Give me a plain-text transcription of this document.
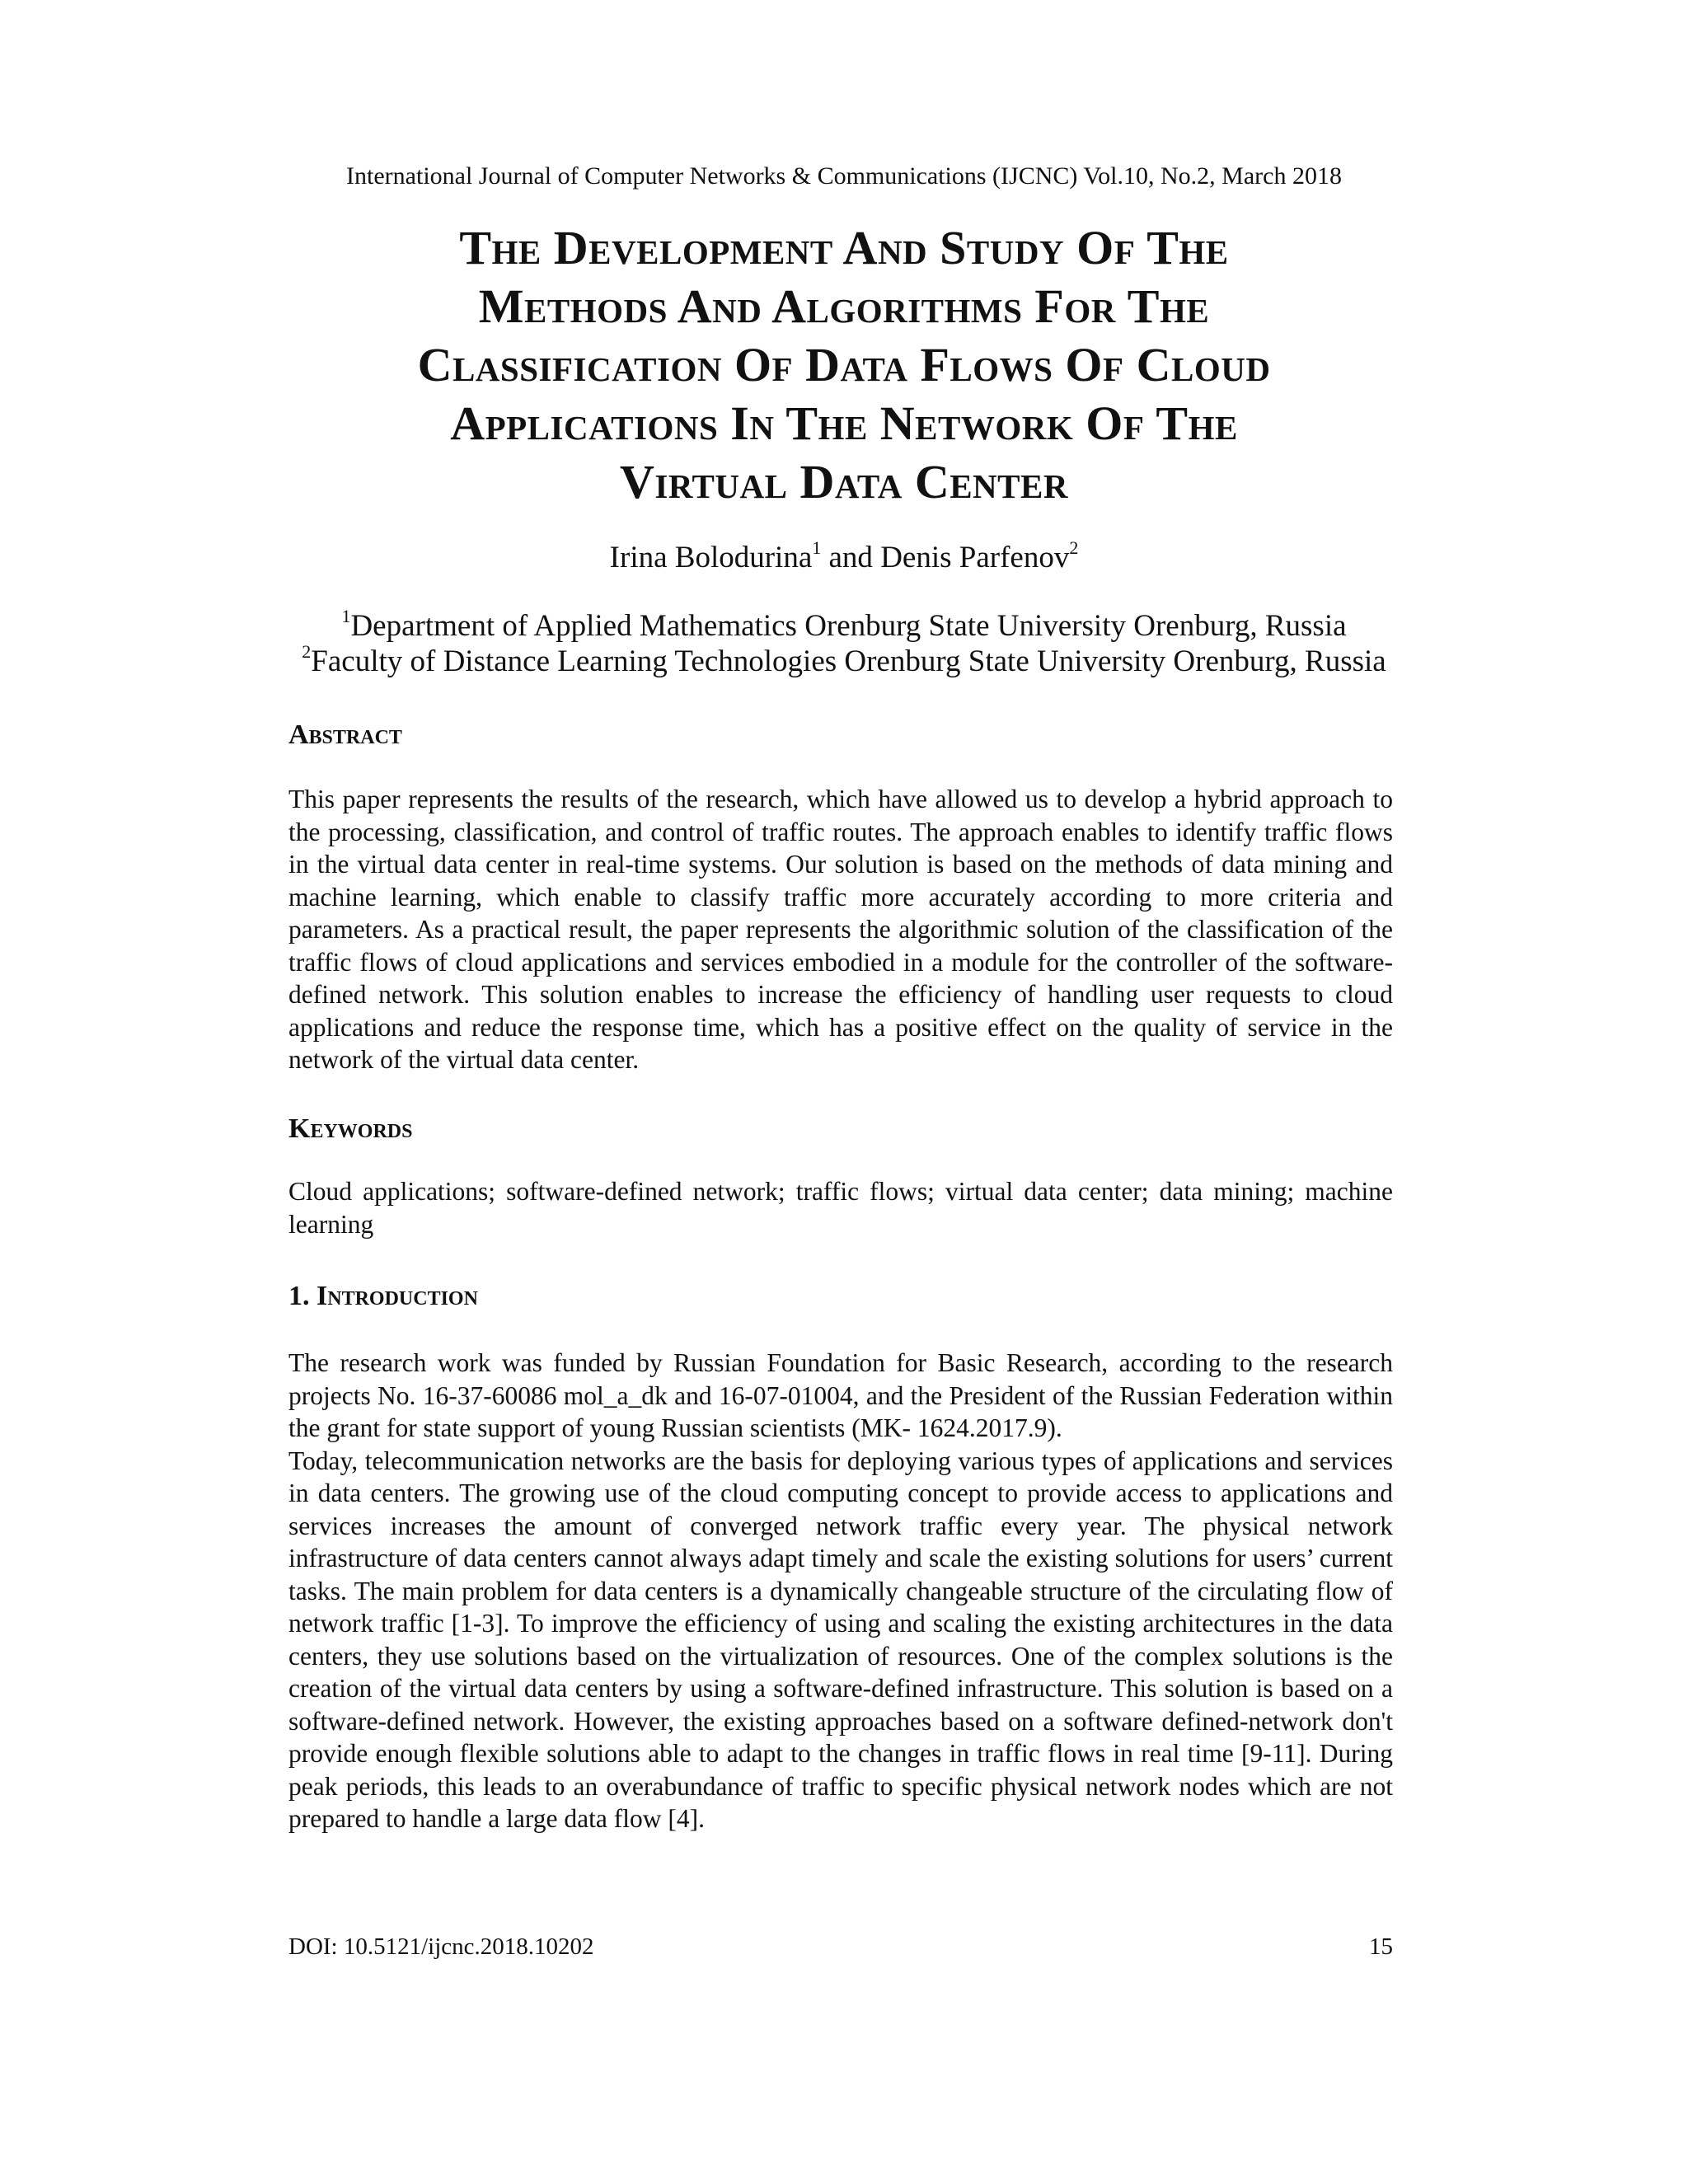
International Journal of Computer Networks & Communications (IJCNC) Vol.10, No.2, March 2018
The Development And Study Of The
Methods And Algorithms For The
Classification Of Data Flows Of Cloud
Applications In The Network Of The
Virtual Data Center
Irina Bolodurina$^1$ and Denis Parfenov$^2$
$^1$Department of Applied Mathematics Orenburg State University Orenburg, Russia
$^2$Faculty of Distance Learning Technologies Orenburg State University Orenburg, Russia
Abstract

This paper represents the results of the research, which have allowed us to develop a hybrid approach to the processing, classification, and control of traffic routes. The approach enables to identify traffic flows in the virtual data center in real-time systems. Our solution is based on the methods of data mining and machine learning, which enable to classify traffic more accurately according to more criteria and parameters. As a practical result, the paper represents the algorithmic solution of the classification of the traffic flows of cloud applications and services embodied in a module for the controller of the software-defined network. This solution enables to increase the efficiency of handling user requests to cloud applications and reduce the response time, which has a positive effect on the quality of service in the network of the virtual data center.

Keywords

Cloud applications; software-defined network; traffic flows; virtual data center; data mining; machine learning

1. Introduction

The research work was funded by Russian Foundation for Basic Research, according to the research projects No. 16-37-60086 mol_a_dk and 16-07-01004, and the President of the Russian Federation within the grant for state support of young Russian scientists (MK- 1624.2017.9).

Today, telecommunication networks are the basis for deploying various types of applications and services in data centers. The growing use of the cloud computing concept to provide access to applications and services increases the amount of converged network traffic every year. The physical network infrastructure of data centers cannot always adapt timely and scale the existing solutions for users’ current tasks. The main problem for data centers is a dynamically changeable structure of the circulating flow of network traffic [1-3]. To improve the efficiency of using and scaling the existing architectures in the data centers, they use solutions based on the virtualization of resources. One of the complex solutions is the creation of the virtual data centers by using a software-defined infrastructure. This solution is based on a software-defined network. However, the existing approaches based on a software defined-network don't provide enough flexible solutions able to adapt to the changes in traffic flows in real time [9-11]. During peak periods, this leads to an overabundance of traffic to specific physical network nodes which are not prepared to handle a large data flow [4].

DOI: 10.5121/ijcnc.2018.10202	15
